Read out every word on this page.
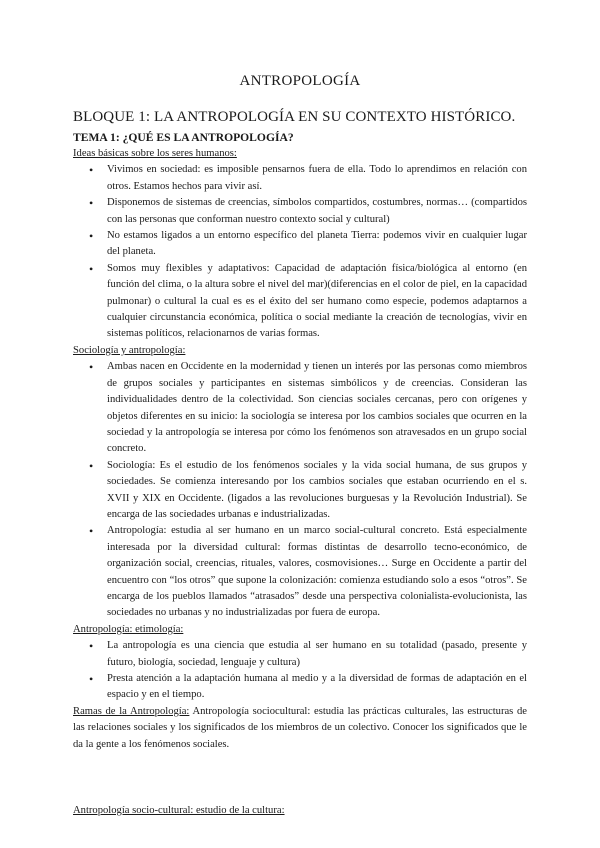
ANTROPOLOGÍA
BLOQUE 1: LA ANTROPOLOGÍA EN SU CONTEXTO HISTÓRICO.
TEMA 1: ¿QUÉ ES LA ANTROPOLOGÍA?
Ideas básicas sobre los seres humanos:
• Vivimos en sociedad: es imposible pensarnos fuera de ella. Todo lo aprendimos en relación con otros. Estamos hechos para vivir así.
• Disponemos de sistemas de creencias, símbolos compartidos, costumbres, normas… (compartidos con las personas que conforman nuestro contexto social y cultural)
• No estamos ligados a un entorno específico del planeta Tierra: podemos vivir en cualquier lugar del planeta.
• Somos muy flexibles y adaptativos: Capacidad de adaptación física/biológica al entorno (en función del clima, o la altura sobre el nivel del mar)(diferencias en el color de piel, en la capacidad pulmonar) o cultural la cual es es el éxito del ser humano como especie, podemos adaptarnos a cualquier circunstancia económica, política o social mediante la creación de tecnologías, vivir en sistemas políticos, relacionarnos de varias formas.
Sociología y antropología:
• Ambas nacen en Occidente en la modernidad y tienen un interés por las personas como miembros de grupos sociales y participantes en sistemas simbólicos y de creencias. Consideran las individualidades dentro de la colectividad. Son ciencias sociales cercanas, pero con orígenes y objetos diferentes en su inicio: la sociología se interesa por los cambios sociales que ocurren en la sociedad y la antropología se interesa por cómo los fenómenos son atravesados en un grupo social concreto.
• Sociología: Es el estudio de los fenómenos sociales y la vida social humana, de sus grupos y sociedades. Se comienza interesando por los cambios sociales que estaban ocurriendo en el s. XVII y XIX en Occidente. (ligados a las revoluciones burguesas y la Revolución Industrial). Se encarga de las sociedades urbanas e industrializadas.
• Antropología: estudia al ser humano en un marco social-cultural concreto. Está especialmente interesada por la diversidad cultural: formas distintas de desarrollo tecno-económico, de organización social, creencias, rituales, valores, cosmovisiones… Surge en Occidente a partir del encuentro con “los otros” que supone la colonización: comienza estudiando solo a esos “otros”. Se encarga de los pueblos llamados “atrasados” desde una perspectiva colonialista-evolucionista, las sociedades no urbanas y no industrializadas por fuera de europa.
Antropología: etimología:
• La antropología es una ciencia que estudia al ser humano en su totalidad (pasado, presente y futuro, biología, sociedad, lenguaje y cultura)
• Presta atención a la adaptación humana al medio y a la diversidad de formas de adaptación en el espacio y en el tiempo.
Ramas de la Antropología: Antropología sociocultural: estudia las prácticas culturales, las estructuras de las relaciones sociales y los significados de los miembros de un colectivo. Conocer los significados que le da la gente a los fenómenos sociales.
Antropología socio-cultural: estudio de la cultura:
